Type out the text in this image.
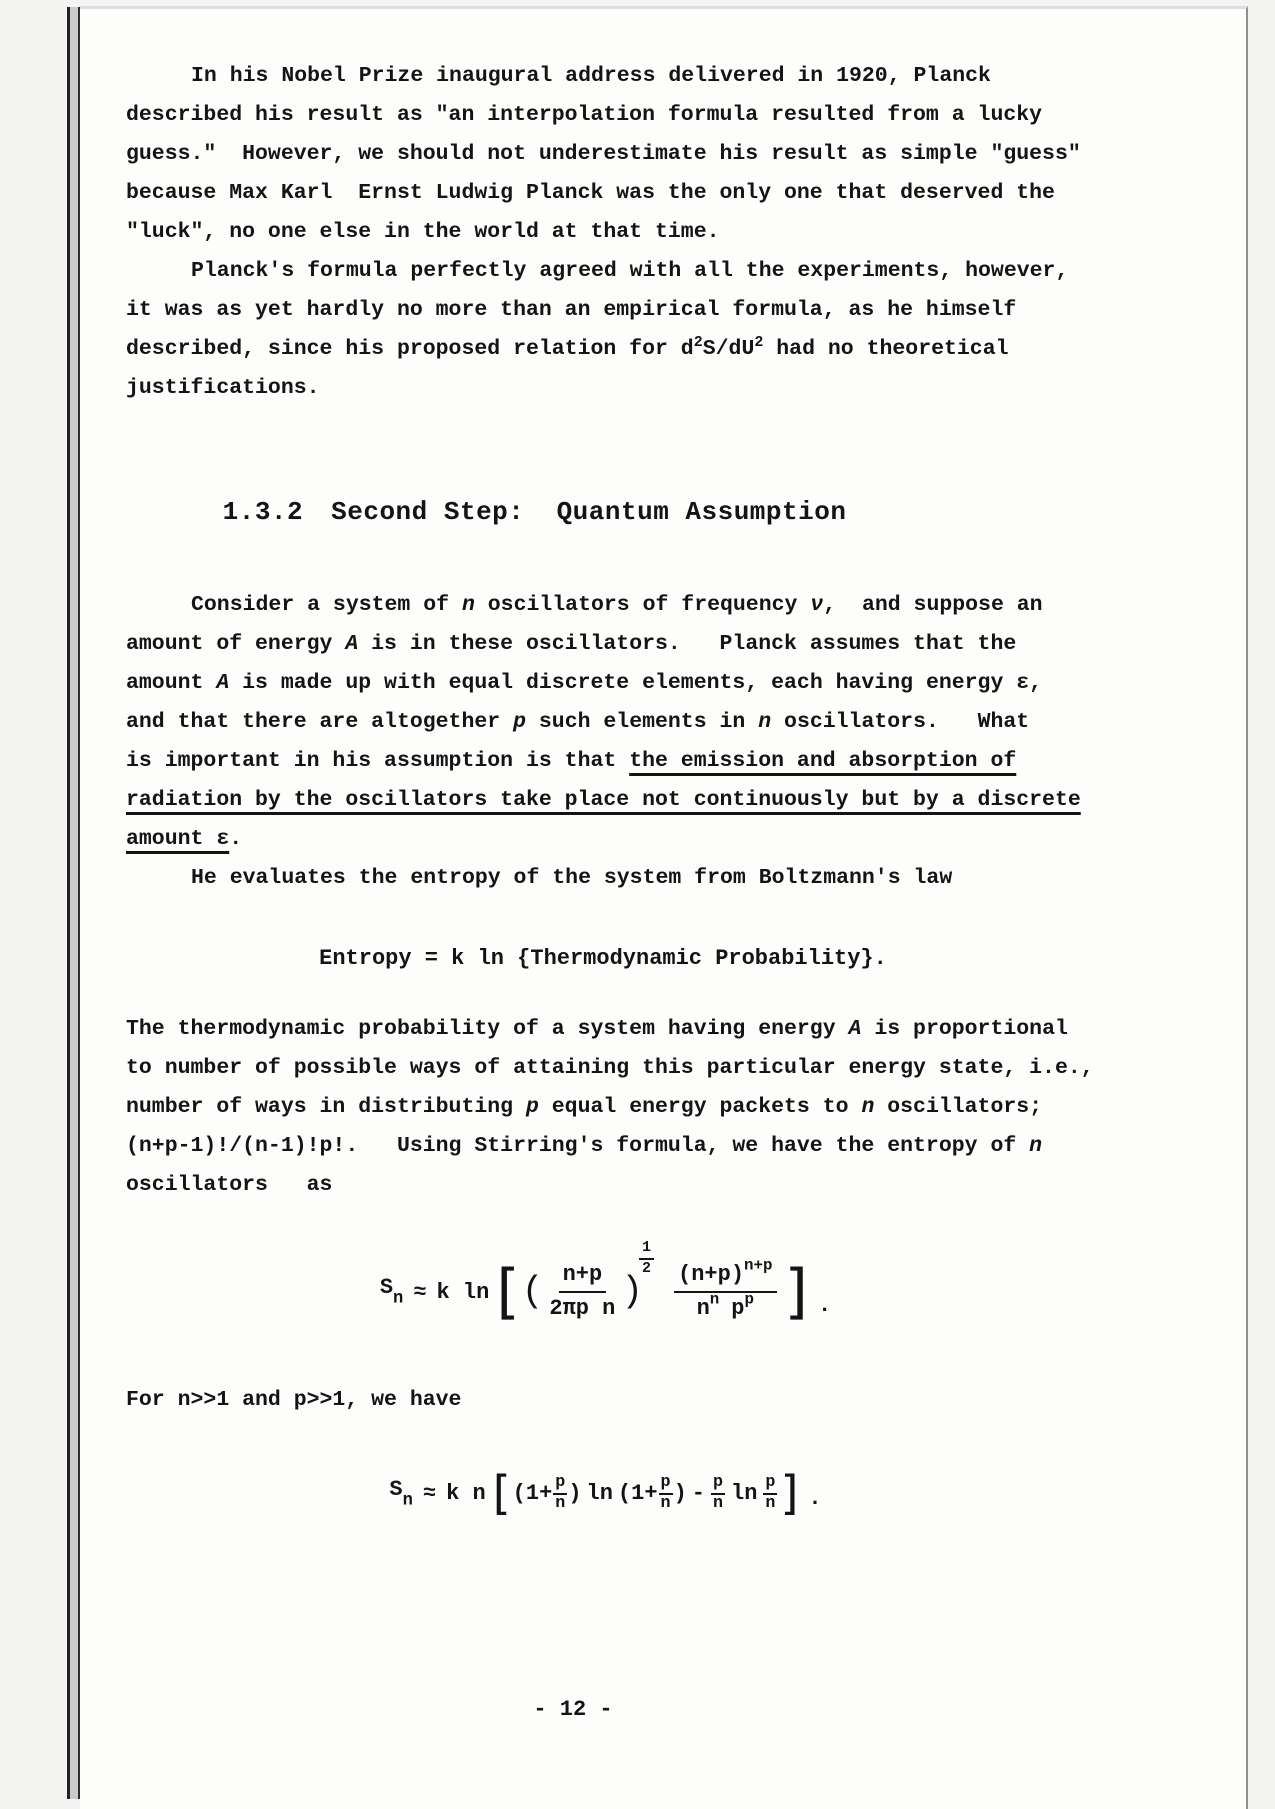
In his Nobel Prize inaugural address delivered in 1920, Planck
described his result as "an interpolation formula resulted from a lucky
guess."  However, we should not underestimate his result as simple "guess"
because Max Karl  Ernst Ludwig Planck was the only one that deserved the
"luck", no one else in the world at that time.
Planck's formula perfectly agreed with all the experiments, however,
it was as yet hardly no more than an empirical formula, as he himself
described, since his proposed relation for $d^2S/dU^2$ had no theoretical
justifications.

1.3.2 Second Step:  Quantum Assumption

Consider a system of n oscillators of frequency ν,  and suppose an
amount of energy A is in these oscillators.   Planck assumes that the
amount A is made up with equal discrete elements, each having energy ε,
and that there are altogether p such elements in n oscillators.   What
is important in his assumption is that the emission and absorption of
radiation by the oscillators take place not continuously but by a discrete
amount ε.
He evaluates the entropy of the system from Boltzmann's law
Entropy = k ln {Thermodynamic Probability}.
The thermodynamic probability of a system having energy A is proportional
to number of possible ways of attaining this particular energy state, i.e.,
number of ways in distributing p equal energy packets to n oscillators;
(n+p-1)!/(n-1)!p!.   Using Stirring's formula, we have the entropy of n
oscillators   as
$S_n \approx k$ ln [ ( $\frac{n+p}{\text{2πp n}}$ )
1
$2 \frac{(n+p)^{n+p}}{n^n p^p}$ ] .
For n>>1 and p>>1, we have
$S_n \approx k$ n [ ($1+ \frac{p}{n}$ ) $\ln (1+ \frac{p}{n}$ ) - p
n ln p
n ] .
- 12 -
